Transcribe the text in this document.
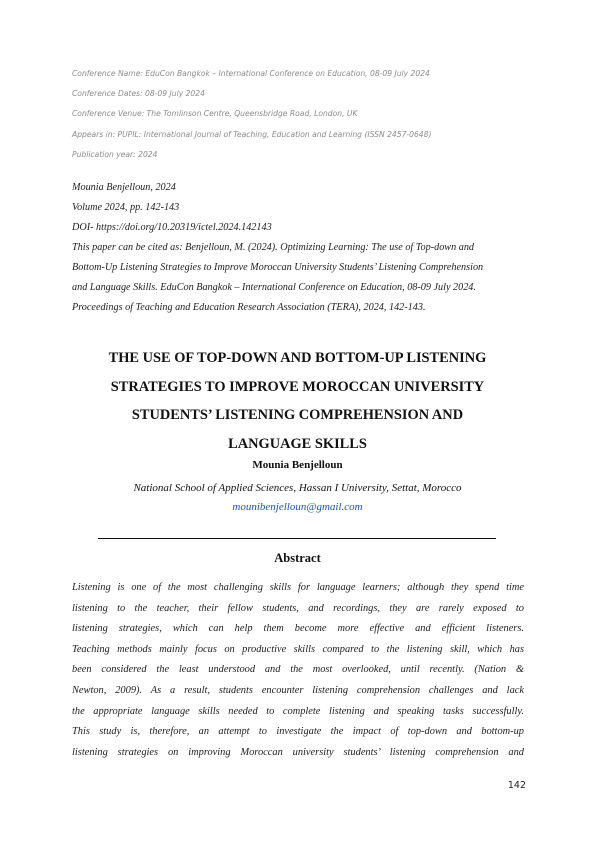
Conference Name: EduCon Bangkok – International Conference on Education, 08-09 July 2024
Conference Dates: 08-09 July 2024
Conference Venue: The Tomlinson Centre, Queensbridge Road, London, UK
Appears in: PUPIL: International Journal of Teaching, Education and Learning (ISSN 2457-0648)
Publication year: 2024
Mounia Benjelloun, 2024
Volume 2024, pp. 142-143
DOI- https://doi.org/10.20319/ictel.2024.142143
This paper can be cited as: Benjelloun, M. (2024). Optimizing Learning: The use of Top-down and
Bottom-Up Listening Strategies to Improve Moroccan University Students’ Listening Comprehension
and Language Skills. EduCon Bangkok – International Conference on Education, 08-09 July 2024.
Proceedings of Teaching and Education Research Association (TERA), 2024, 142-143.
THE USE OF TOP-DOWN AND BOTTOM-UP LISTENING
STRATEGIES TO IMPROVE MOROCCAN UNIVERSITY
STUDENTS’ LISTENING COMPREHENSION AND
LANGUAGE SKILLS
Mounia Benjelloun
National School of Applied Sciences, Hassan I University, Settat, Morocco
mounibenjelloun@gmail.com
Abstract
Listening is one of the most challenging skills for language learners; although they spend time
listening to the teacher, their fellow students, and recordings, they are rarely exposed to
listening strategies, which can help them become more effective and efficient listeners.
Teaching methods mainly focus on productive skills compared to the listening skill, which has
been considered the least understood and the most overlooked, until recently. (Nation &
Newton, 2009). As a result, students encounter listening comprehension challenges and lack
the appropriate language skills needed to complete listening and speaking tasks successfully.
This study is, therefore, an attempt to investigate the impact of top-down and bottom-up
listening strategies on improving Moroccan university students’ listening comprehension and
142
